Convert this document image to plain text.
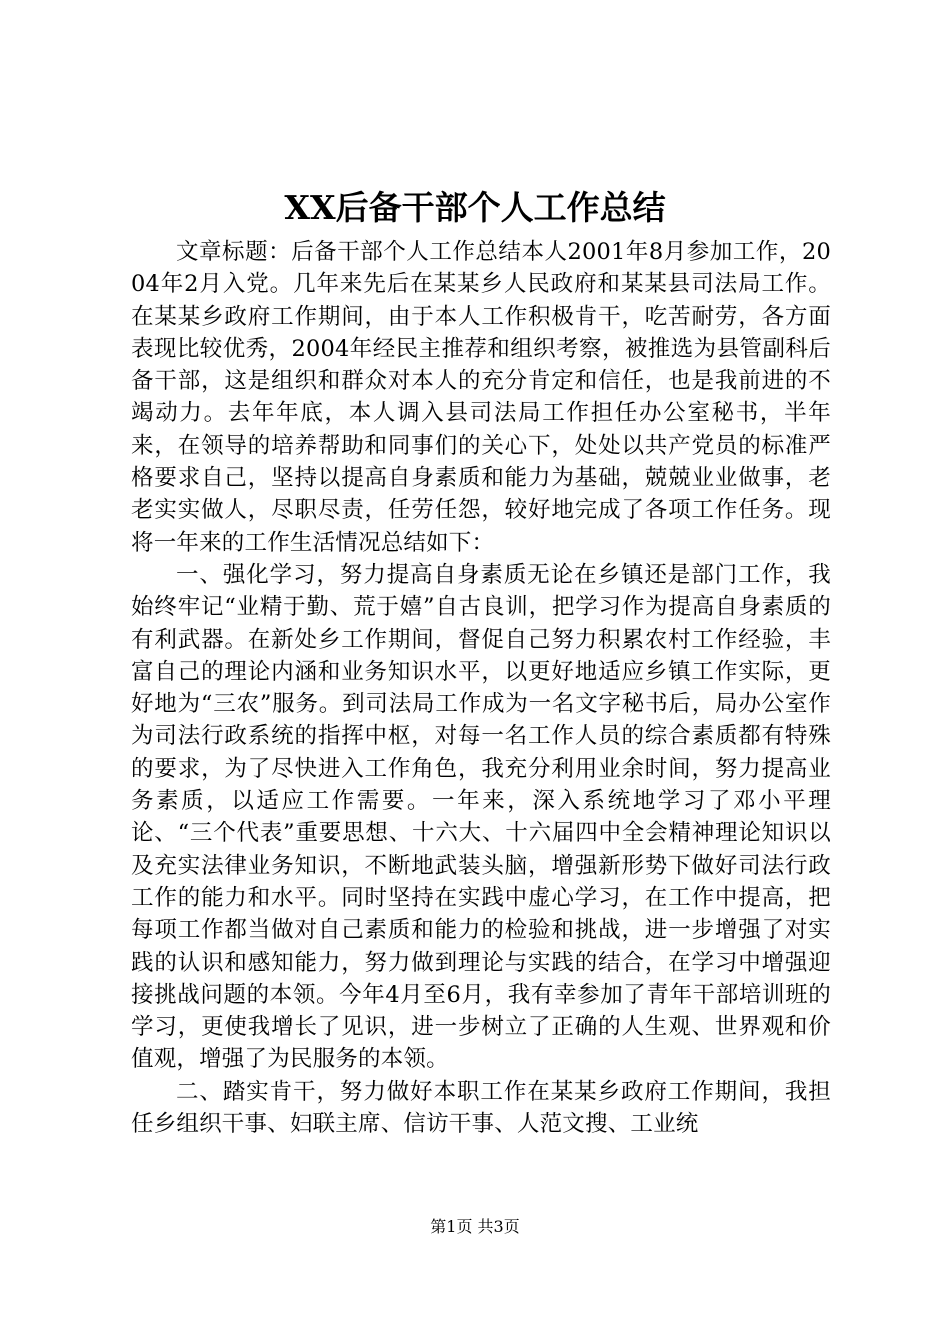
XX后备干部个人工作总结

文章标题：后备干部个人工作总结本人2001年8月参加工作，2004年2月入党。几年来先后在某某乡人民政府和某某县司法局工作。在某某乡政府工作期间，由于本人工作积极肯干，吃苦耐劳，各方面表现比较优秀，2004年经民主推荐和组织考察，被推选为县管副科后备干部，这是组织和群众对本人的充分肯定和信任，也是我前进的不竭动力。去年年底，本人调入县司法局工作担任办公室秘书，半年来，在领导的培养帮助和同事们的关心下，处处以共产党员的标准严格要求自己，坚持以提高自身素质和能力为基础，兢兢业业做事，老老实实做人，尽职尽责，任劳任怨，较好地完成了各项工作任务。现将一年来的工作生活情况总结如下：

一、强化学习，努力提高自身素质无论在乡镇还是部门工作，我始终牢记“业精于勤、荒于嬉”自古良训，把学习作为提高自身素质的有利武器。在新处乡工作期间，督促自己努力积累农村工作经验，丰富自己的理论内涵和业务知识水平，以更好地适应乡镇工作实际，更好地为“三农”服务。到司法局工作成为一名文字秘书后，局办公室作为司法行政系统的指挥中枢，对每一名工作人员的综合素质都有特殊的要求，为了尽快进入工作角色，我充分利用业余时间，努力提高业务素质，以适应工作需要。一年来，深入系统地学习了邓小平理论、“三个代表”重要思想、十六大、十六届四中全会精神理论知识以及充实法律业务知识，不断地武装头脑，增强新形势下做好司法行政工作的能力和水平。同时坚持在实践中虚心学习，在工作中提高，把每项工作都当做对自己素质和能力的检验和挑战，进一步增强了对实践的认识和感知能力，努力做到理论与实践的结合，在学习中增强迎接挑战问题的本领。今年4月至6月，我有幸参加了青年干部培训班的学习，更使我增长了见识，进一步树立了正确的人生观、世界观和价值观，增强了为民服务的本领。

二、踏实肯干，努力做好本职工作在某某乡政府工作期间，我担任乡组织干事、妇联主席、信访干事、人范文搜、工业统

第1页 共3页
